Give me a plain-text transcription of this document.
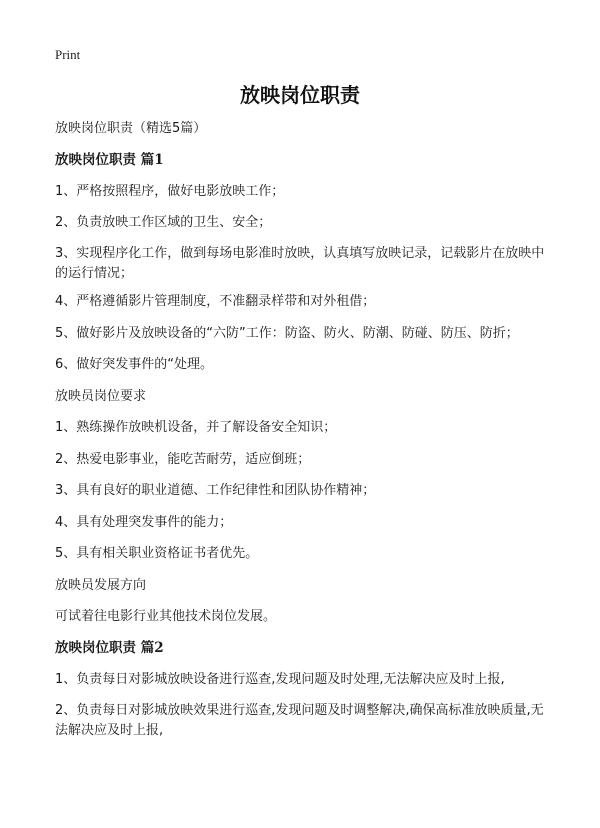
Print
放映岗位职责
放映岗位职责（精选5篇）
放映岗位职责 篇1
1、严格按照程序，做好电影放映工作；
2、负责放映工作区域的卫生、安全；
3、实现程序化工作，做到每场电影准时放映，认真填写放映记录，记载影片在放映中的运行情况；
4、严格遵循影片管理制度，不准翻录样带和对外租借；
5、做好影片及放映设备的“六防”工作：防盗、防火、防潮、防碰、防压、防折；
6、做好突发事件的“处理。
放映员岗位要求
1、熟练操作放映机设备，并了解设备安全知识；
2、热爱电影事业，能吃苦耐劳，适应倒班；
3、具有良好的职业道德、工作纪律性和团队协作精神；
4、具有处理突发事件的能力；
5、具有相关职业资格证书者优先。
放映员发展方向
可试着往电影行业其他技术岗位发展。
放映岗位职责 篇2
1、负责每日对影城放映设备进行巡查,发现问题及时处理,无法解决应及时上报,
2、负责每日对影城放映效果进行巡查,发现问题及时调整解决,确保高标准放映质量,无法解决应及时上报,
